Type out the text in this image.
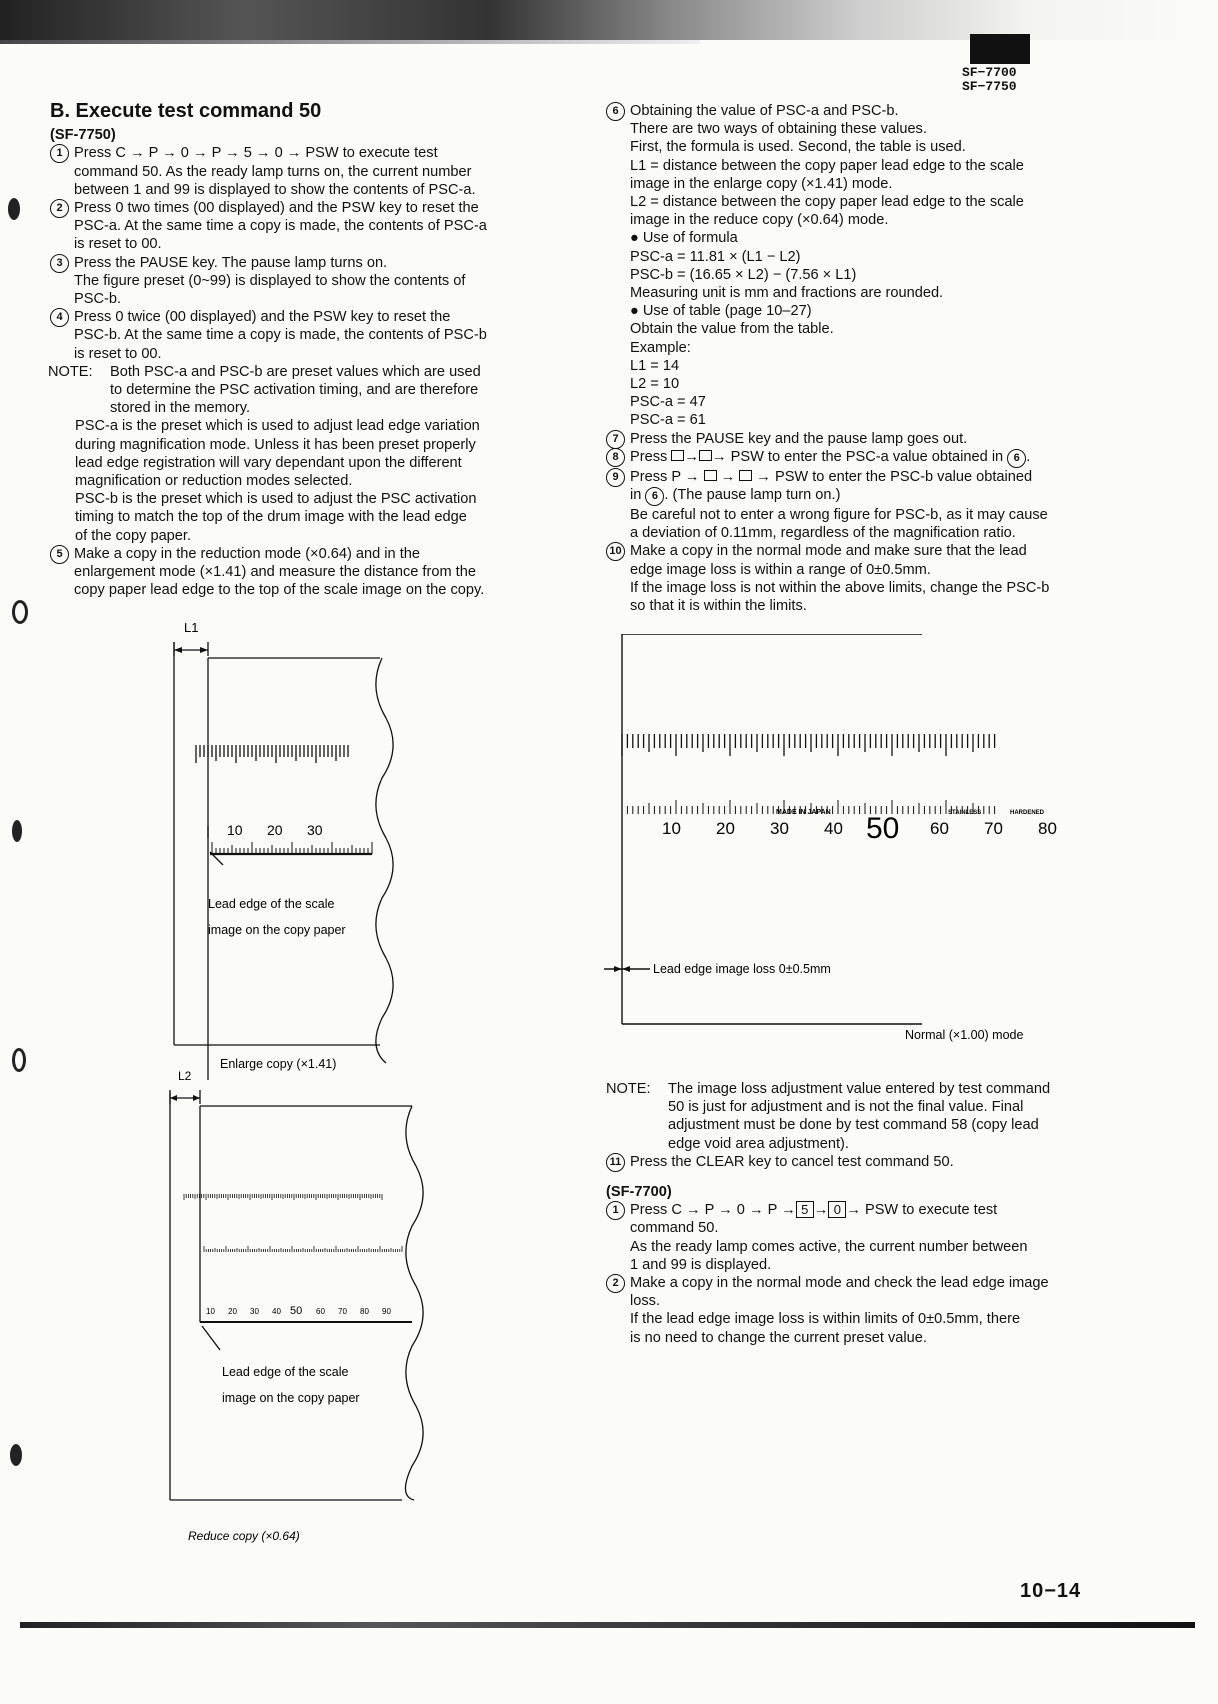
SF−7700
SF−7750

B. Execute test command 50

(SF-7750)

1 Press C → P → 0 → P → 5 → 0 → PSW to execute test

command 50. As the ready lamp turns on, the current number

between 1 and 99 is displayed to show the contents of PSC-a.

2 Press 0 two times (00 displayed) and the PSW key to reset the

PSC-a. At the same time a copy is made, the contents of PSC-a

is reset to 00.

3 Press the PAUSE key. The pause lamp turns on.

The figure preset (0~99) is displayed to show the contents of

PSC-b.

4 Press 0 twice (00 displayed) and the PSW key to reset the

PSC-b. At the same time a copy is made, the contents of PSC-b

is reset to 00.

NOTE: Both PSC-a and PSC-b are preset values which are used

to determine the PSC activation timing, and are therefore

stored in the memory.

PSC-a is the preset which is used to adjust lead edge variation

during magnification mode. Unless it has been preset properly

lead edge registration will vary dependant upon the different

magnification or reduction modes selected.

PSC-b is the preset which is used to adjust the PSC activation

timing to match the top of the drum image with the lead edge

of the copy paper.

5 Make a copy in the reduction mode (×0.64) and in the

enlargement mode (×1.41) and measure the distance from the

copy paper lead edge to the top of the scale image on the copy.

L1
10 20 30
Lead edge of the scale
image on the copy paper
Enlarge copy (×1.41)
L2
10 20 30 40 50 60 70 80 90
Lead edge of the scale
image on the copy paper
Reduce copy (×0.64)
6 Obtaining the value of PSC-a and PSC-b.

There are two ways of obtaining these values.

First, the formula is used. Second, the table is used.

L1 = distance between the copy paper lead edge to the scale

image in the enlarge copy (×1.41) mode.

L2 = distance between the copy paper lead edge to the scale

image in the reduce copy (×0.64) mode.

● Use of formula

PSC-a = 11.81 × (L1 − L2)

PSC-b = (16.65 × L2) − (7.56 × L1)

Measuring unit is mm and fractions are rounded.

● Use of table (page 10–27)

Obtain the value from the table.

Example:

L1 = 14

L2 = 10

PSC-a = 47

PSC-a = 61

7 Press the PAUSE key and the pause lamp goes out.

8 Press → → PSW to enter the PSC-a value obtained in 6 .

9 Press P →  →  → PSW to enter the PSC-b value obtained

in 6 . (The pause lamp turn on.)

Be careful not to enter a wrong figure for PSC-b, as it may cause

a deviation of 0.11mm, regardless of the magnification ratio.

10 Make a copy in the normal mode and make sure that the lead

edge image loss is within a range of 0±0.5mm.

If the image loss is not within the above limits, change the PSC-b

so that it is within the limits.

10 20 30 40 50 60 70 80
MADE IN JAPAN	STAINLESS	HARDENED
Lead edge image loss 0±0.5mm
Normal (×1.00) mode
NOTE: The image loss adjustment value entered by test command

50 is just for adjustment and is not the final value. Final

adjustment must be done by test command 58 (copy lead

edge void area adjustment).

11 Press the CLEAR key to cancel test command 50.

(SF-7700)

1 Press C → P → 0 → P → 5 → 0 → PSW to execute test

command 50.

As the ready lamp comes active, the current number between

1 and 99 is displayed.

2 Make a copy in the normal mode and check the lead edge image

loss.

If the lead edge image loss is within limits of 0±0.5mm, there

is no need to change the current preset value.

10−14
